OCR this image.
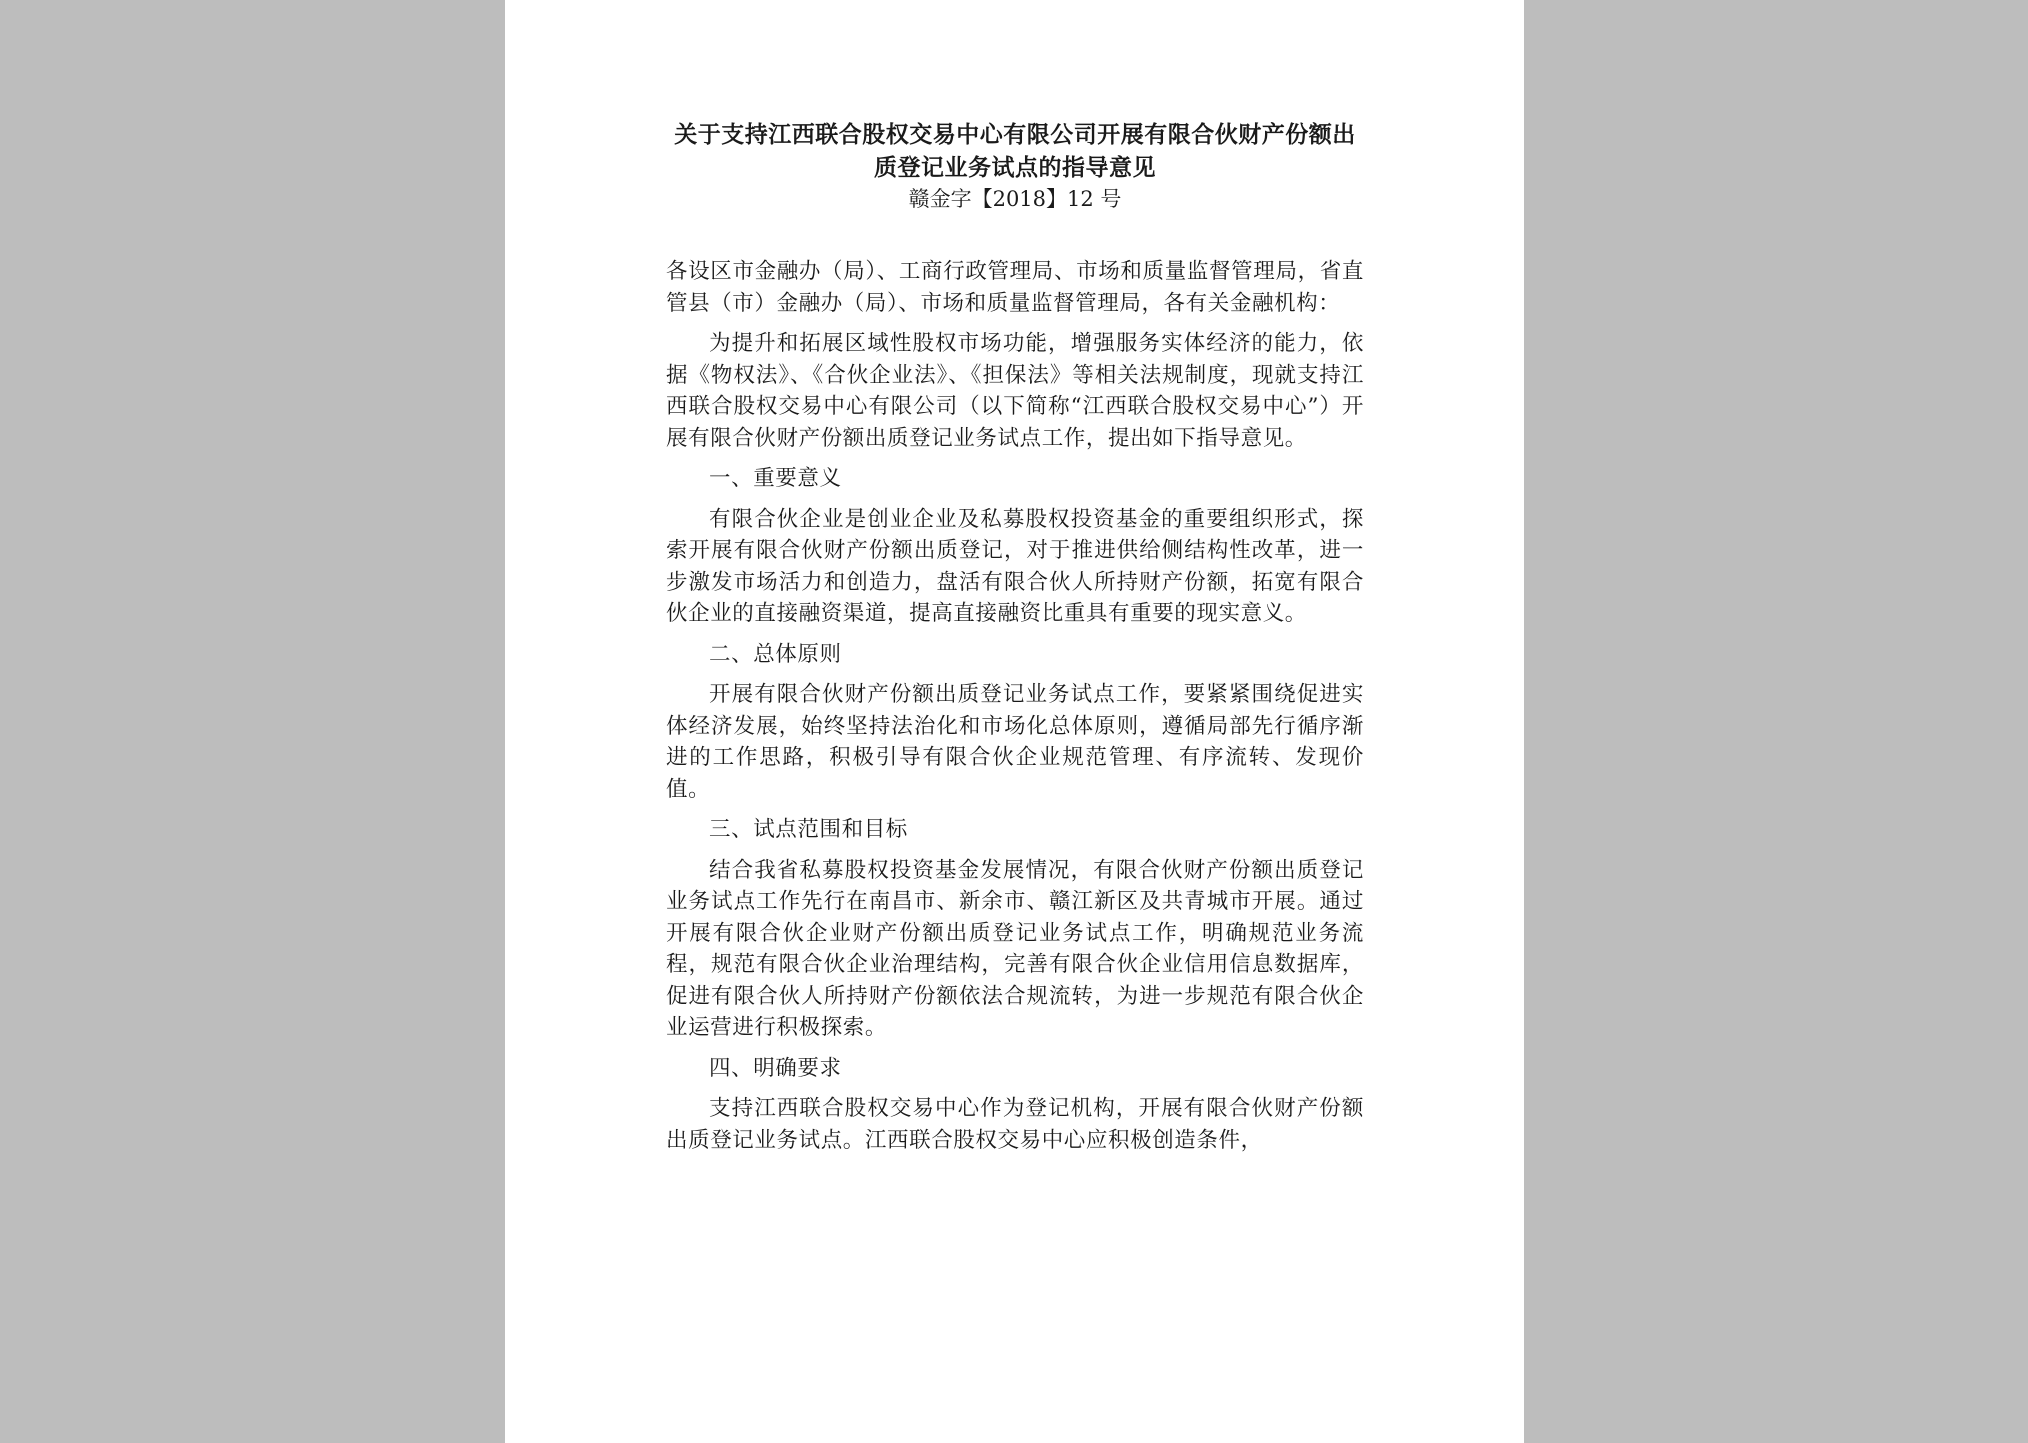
关于支持江西联合股权交易中心有限公司开展有限合伙财产份额出质登记业务试点的指导意见

赣金字【2018】12 号

各设区市金融办（局）、工商行政管理局、市场和质量监督管理局，省直管县（市）金融办（局）、市场和质量监督管理局，各有关金融机构：

为提升和拓展区域性股权市场功能，增强服务实体经济的能力，依据《物权法》、《合伙企业法》、《担保法》等相关法规制度，现就支持江西联合股权交易中心有限公司（以下简称“江西联合股权交易中心”）开展有限合伙财产份额出质登记业务试点工作，提出如下指导意见。

一、重要意义

有限合伙企业是创业企业及私募股权投资基金的重要组织形式，探索开展有限合伙财产份额出质登记，对于推进供给侧结构性改革，进一步激发市场活力和创造力，盘活有限合伙人所持财产份额，拓宽有限合伙企业的直接融资渠道，提高直接融资比重具有重要的现实意义。

二、总体原则

开展有限合伙财产份额出质登记业务试点工作，要紧紧围绕促进实体经济发展，始终坚持法治化和市场化总体原则，遵循局部先行循序渐进的工作思路，积极引导有限合伙企业规范管理、有序流转、发现价值。

三、试点范围和目标

结合我省私募股权投资基金发展情况，有限合伙财产份额出质登记业务试点工作先行在南昌市、新余市、赣江新区及共青城市开展。通过开展有限合伙企业财产份额出质登记业务试点工作，明确规范业务流程，规范有限合伙企业治理结构，完善有限合伙企业信用信息数据库，促进有限合伙人所持财产份额依法合规流转，为进一步规范有限合伙企业运营进行积极探索。

四、明确要求

支持江西联合股权交易中心作为登记机构，开展有限合伙财产份额出质登记业务试点。江西联合股权交易中心应积极创造条件，
